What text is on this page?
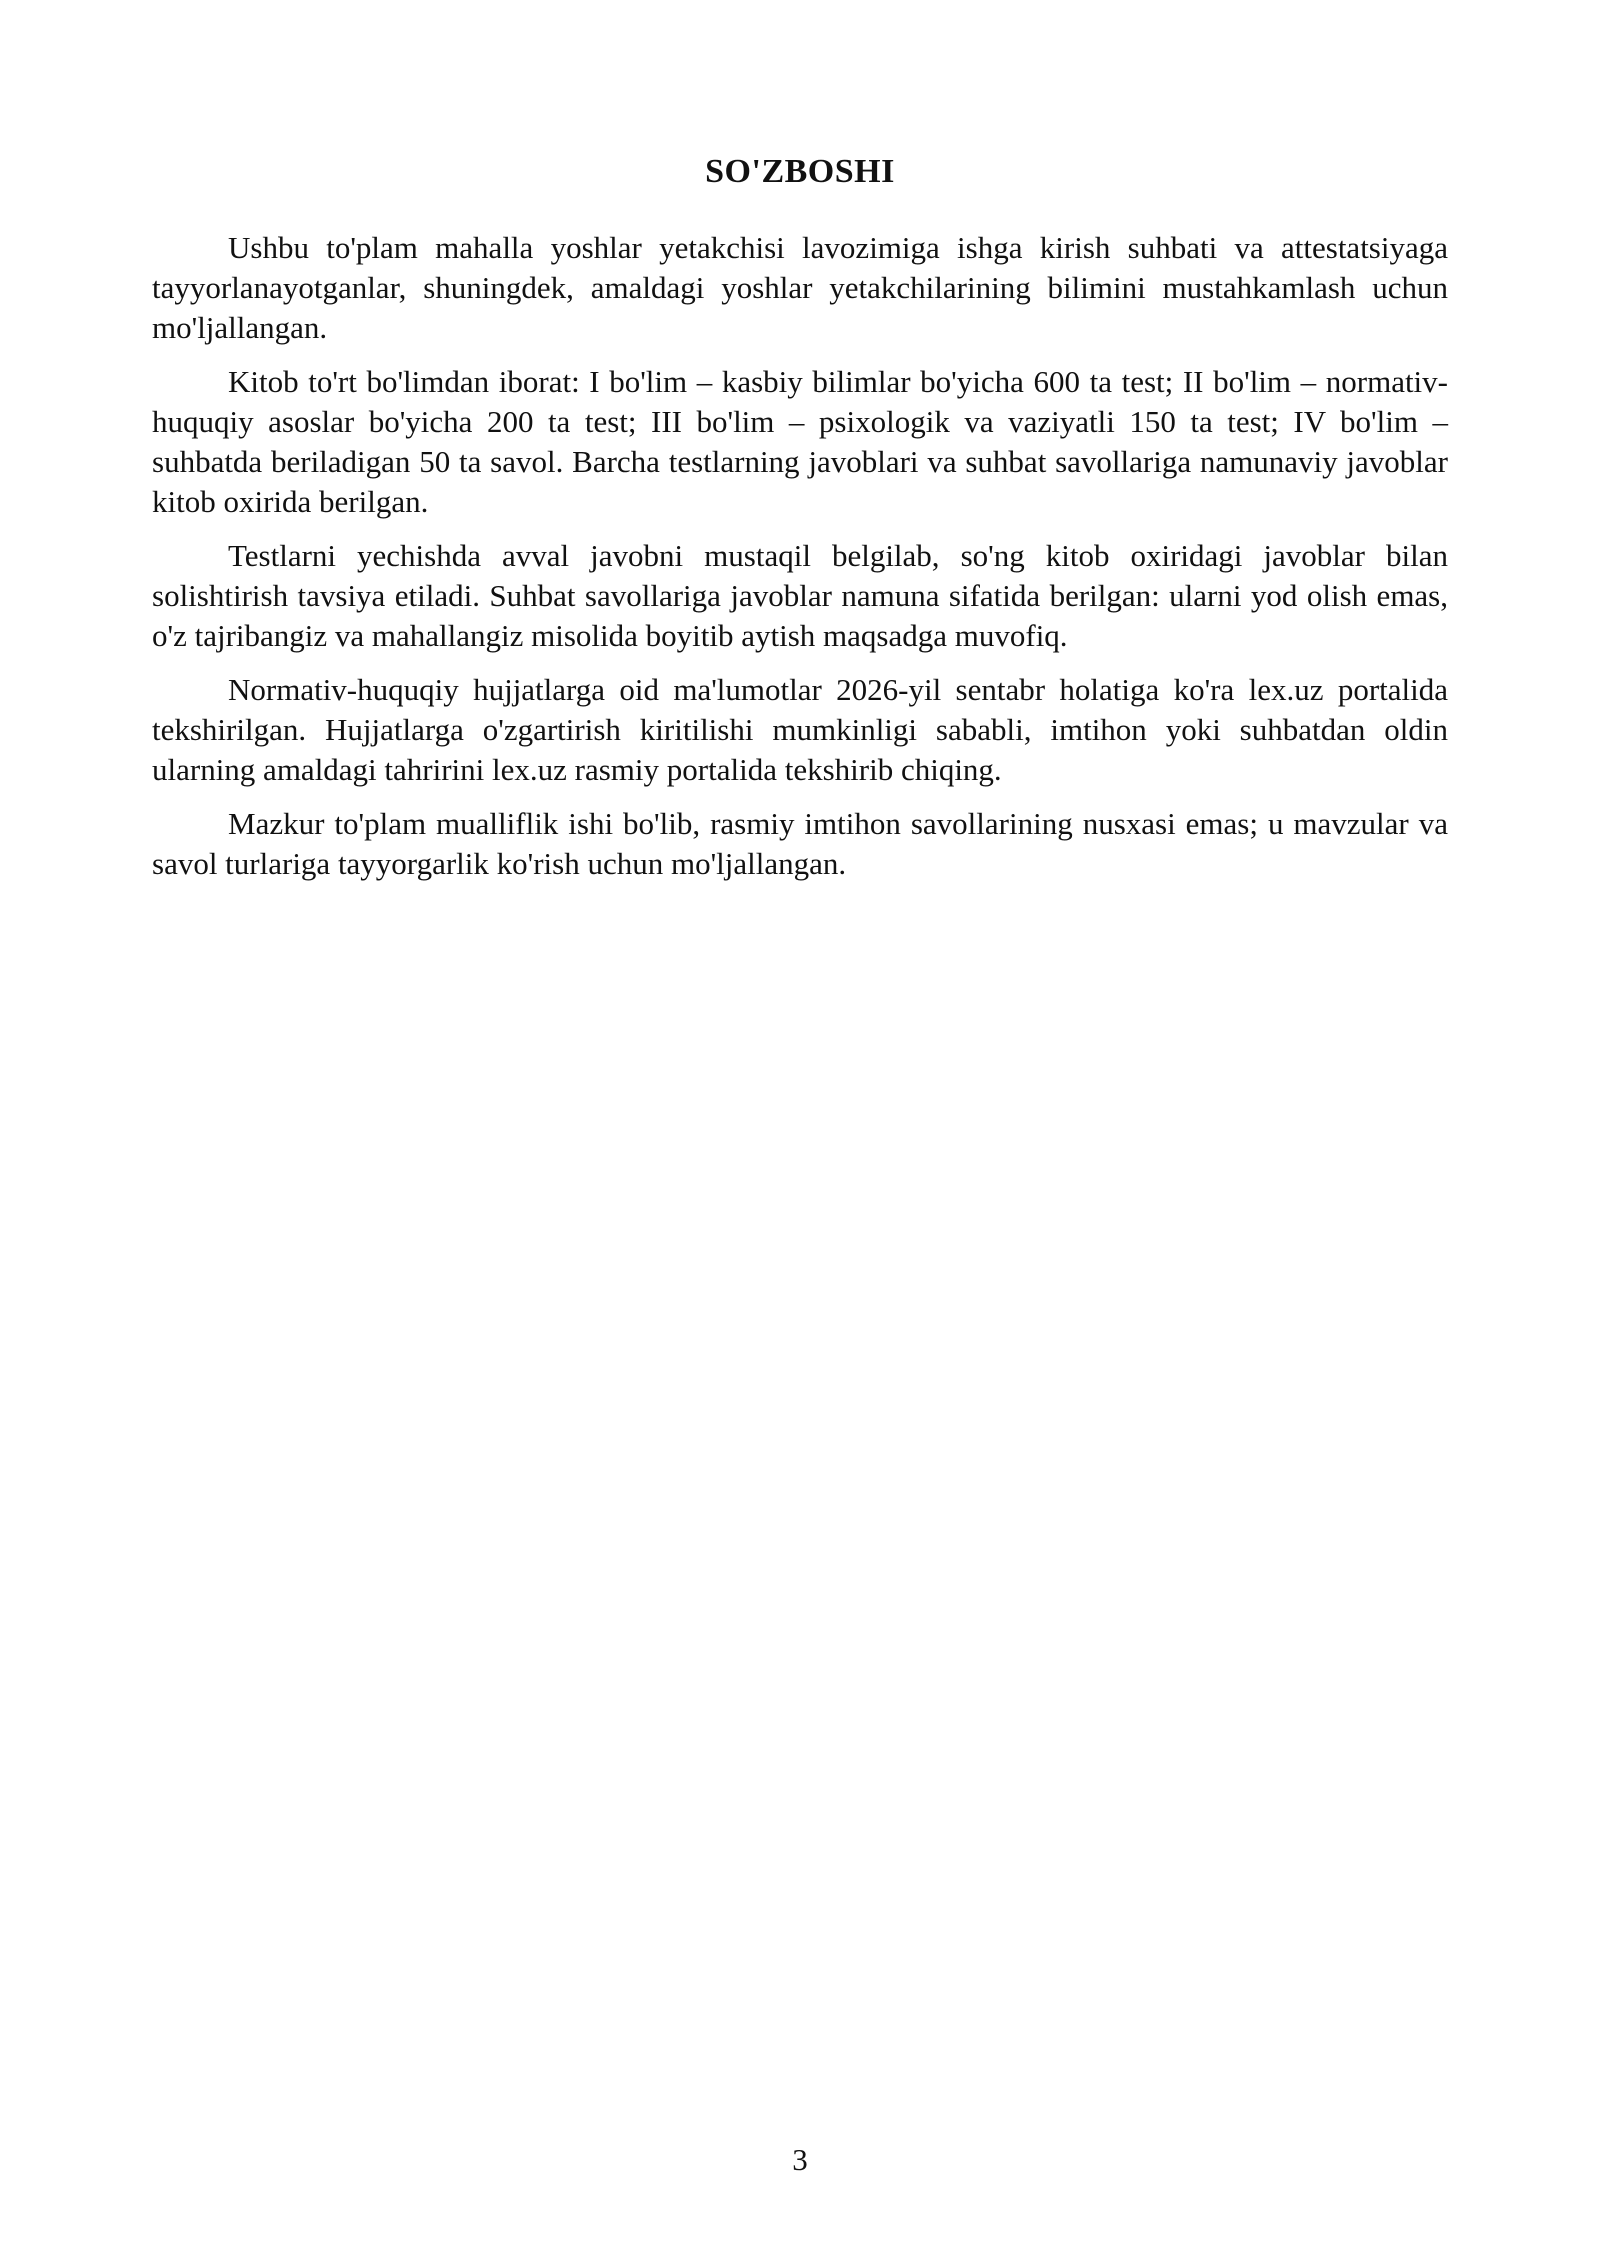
SO'ZBOSHI

Ushbu to'plam mahalla yoshlar yetakchisi lavozimiga ishga kirish suhbati va attestatsiyaga tayyorlanayotganlar, shuningdek, amaldagi yoshlar yetakchilarining bilimini mustahkamlash uchun mo'ljallangan.

Kitob to'rt bo'limdan iborat: I bo'lim – kasbiy bilimlar bo'yicha 600 ta test; II bo'lim – normativ-huquqiy asoslar bo'yicha 200 ta test; III bo'lim – psixologik va vaziyatli 150 ta test; IV bo'lim – suhbatda beriladigan 50 ta savol. Barcha testlarning javoblari va suhbat savollariga namunaviy javoblar kitob oxirida berilgan.

Testlarni yechishda avval javobni mustaqil belgilab, so'ng kitob oxiridagi javoblar bilan solishtirish tavsiya etiladi. Suhbat savollariga javoblar namuna sifatida berilgan: ularni yod olish emas, o'z tajribangiz va mahallangiz misolida boyitib aytish maqsadga muvofiq.

Normativ-huquqiy hujjatlarga oid ma'lumotlar 2026-yil sentabr holatiga ko'ra lex.uz portalida tekshirilgan. Hujjatlarga o'zgartirish kiritilishi mumkinligi sababli, imtihon yoki suhbatdan oldin ularning amaldagi tahririni lex.uz rasmiy portalida tekshirib chiqing.

Mazkur to'plam mualliflik ishi bo'lib, rasmiy imtihon savollarining nusxasi emas; u mavzular va savol turlariga tayyorgarlik ko'rish uchun mo'ljallangan.

3
